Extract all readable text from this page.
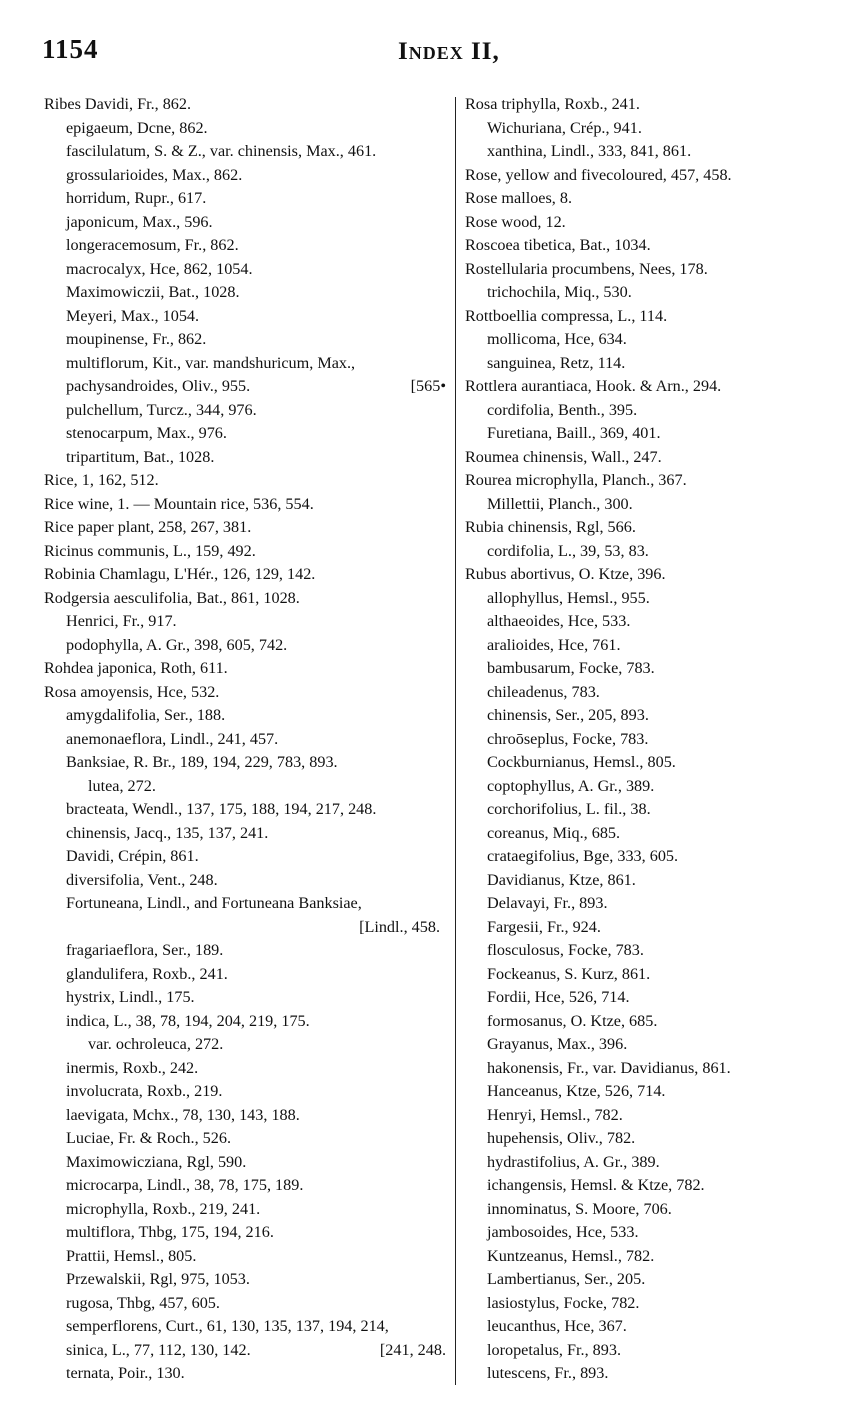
1154	Index II,
Ribes Davidi, Fr., 862.
epigaeum, Dcne, 862.
fascilulatum, S. & Z., var. chinensis, Max., 461.
grossularioides, Max., 862.
horridum, Rupr., 617.
japonicum, Max., 596.
longeracemosum, Fr., 862.
macrocalyx, Hce, 862, 1054.
Maximowiczii, Bat., 1028.
Meyeri, Max., 1054.
moupinense, Fr., 862.
multiflorum, Kit., var. mandshuricum, Max.,
pachysandroides, Oliv., 955.	[565•
pulchellum, Turcz., 344, 976.
stenocarpum, Max., 976.
tripartitum, Bat., 1028.
Rice, 1, 162, 512.
Rice wine, 1. — Mountain rice, 536, 554.
Rice paper plant, 258, 267, 381.
Ricinus communis, L., 159, 492.
Robinia Chamlagu, L'Hér., 126, 129, 142.
Rodgersia aesculifolia, Bat., 861, 1028.
Henrici, Fr., 917.
podophylla, A. Gr., 398, 605, 742.
Rohdea japonica, Roth, 611.
Rosa amoyensis, Hce, 532.
amygdalifolia, Ser., 188.
anemonaeflora, Lindl., 241, 457.
Banksiae, R. Br., 189, 194, 229, 783, 893.
lutea, 272.
bracteata, Wendl., 137, 175, 188, 194, 217, 248.
chinensis, Jacq., 135, 137, 241.
Davidi, Crépin, 861.
diversifolia, Vent., 248.
Fortuneana, Lindl., and Fortuneana Banksiae,
[Lindl., 458.
fragariaeflora, Ser., 189.
glandulifera, Roxb., 241.
hystrix, Lindl., 175.
indica, L., 38, 78, 194, 204, 219, 175.
var. ochroleuca, 272.
inermis, Roxb., 242.
involucrata, Roxb., 219.
laevigata, Mchx., 78, 130, 143, 188.
Luciae, Fr. & Roch., 526.
Maximowicziana, Rgl, 590.
microcarpa, Lindl., 38, 78, 175, 189.
microphylla, Roxb., 219, 241.
multiflora, Thbg, 175, 194, 216.
Prattii, Hemsl., 805.
Przewalskii, Rgl, 975, 1053.
rugosa, Thbg, 457, 605.
semperflorens, Curt., 61, 130, 135, 137, 194, 214,
sinica, L., 77, 112, 130, 142.	[241, 248.
ternata, Poir., 130.
Rosa triphylla, Roxb., 241.
Wichuriana, Crép., 941.
xanthina, Lindl., 333, 841, 861.
Rose, yellow and fivecoloured, 457, 458.
Rose malloes, 8.
Rose wood, 12.
Roscoea tibetica, Bat., 1034.
Rostellularia procumbens, Nees, 178.
trichochila, Miq., 530.
Rottboellia compressa, L., 114.
mollicoma, Hce, 634.
sanguinea, Retz, 114.
Rottlera aurantiaca, Hook. & Arn., 294.
cordifolia, Benth., 395.
Furetiana, Baill., 369, 401.
Roumea chinensis, Wall., 247.
Rourea microphylla, Planch., 367.
Millettii, Planch., 300.
Rubia chinensis, Rgl, 566.
cordifolia, L., 39, 53, 83.
Rubus abortivus, O. Ktze, 396.
allophyllus, Hemsl., 955.
althaeoides, Hce, 533.
aralioides, Hce, 761.
bambusarum, Focke, 783.
chileadenus, 783.
chinensis, Ser., 205, 893.
chroōseplus, Focke, 783.
Cockburnianus, Hemsl., 805.
coptophyllus, A. Gr., 389.
corchorifolius, L. fil., 38.
coreanus, Miq., 685.
crataegifolius, Bge, 333, 605.
Davidianus, Ktze, 861.
Delavayi, Fr., 893.
Fargesii, Fr., 924.
flosculosus, Focke, 783.
Fockeanus, S. Kurz, 861.
Fordii, Hce, 526, 714.
formosanus, O. Ktze, 685.
Grayanus, Max., 396.
hakonensis, Fr., var. Davidianus, 861.
Hanceanus, Ktze, 526, 714.
Henryi, Hemsl., 782.
hupehensis, Oliv., 782.
hydrastifolius, A. Gr., 389.
ichangensis, Hemsl. & Ktze, 782.
innominatus, S. Moore, 706.
jambosoides, Hce, 533.
Kuntzeanus, Hemsl., 782.
Lambertianus, Ser., 205.
lasiostylus, Focke, 782.
leucanthus, Hce, 367.
loropetalus, Fr., 893.
lutescens, Fr., 893.
